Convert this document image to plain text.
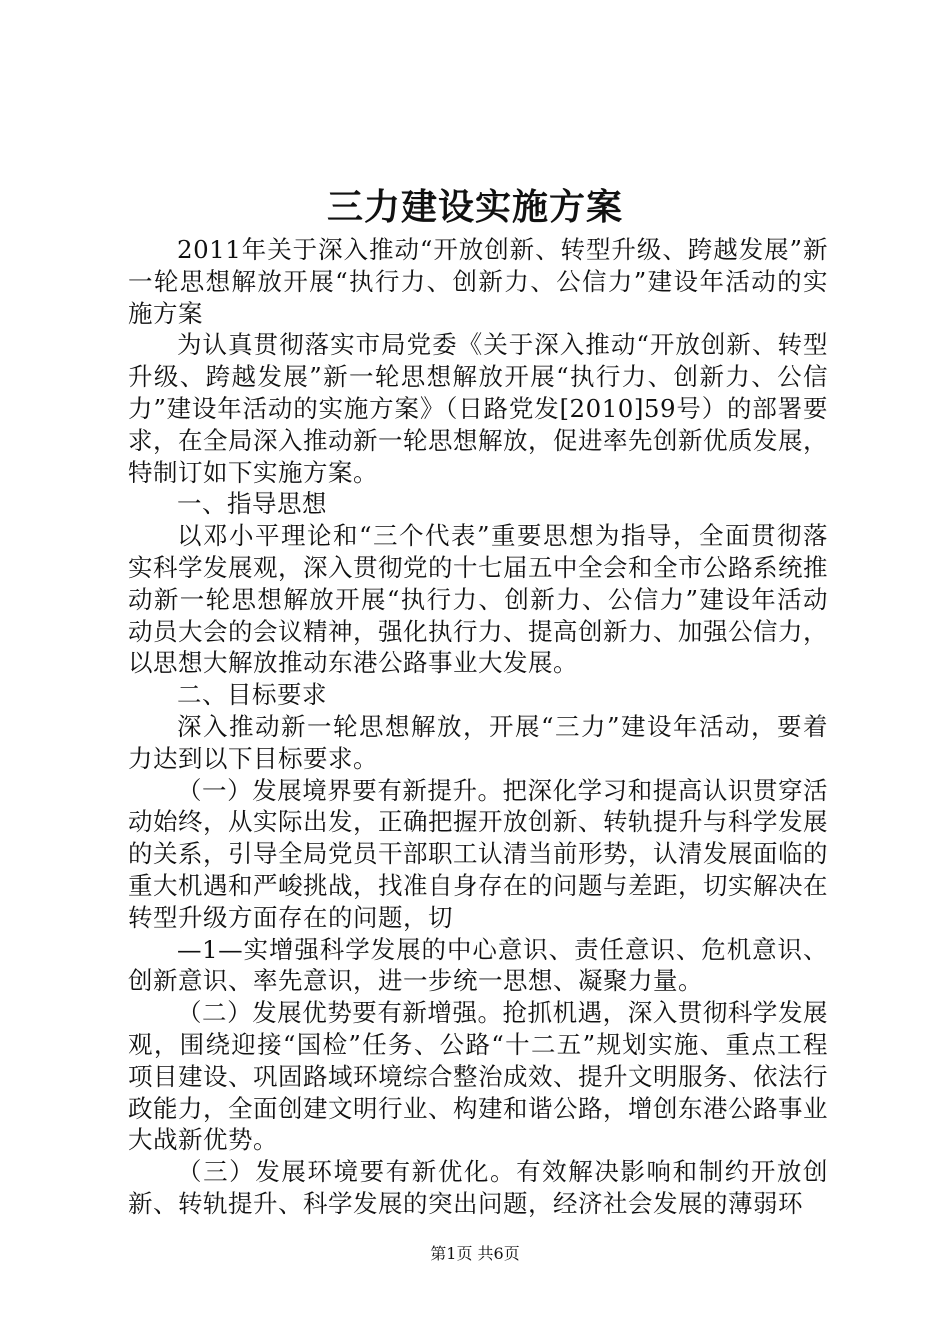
三力建设实施方案

2011年关于深入推动“开放创新、转型升级、跨越发展”新一轮思想解放开展“执行力、创新力、公信力”建设年活动的实施方案

为认真贯彻落实市局党委《关于深入推动“开放创新、转型升级、跨越发展”新一轮思想解放开展“执行力、创新力、公信力”建设年活动的实施方案》（日路党发[2010]59号）的部署要求，在全局深入推动新一轮思想解放，促进率先创新优质发展，特制订如下实施方案。

一、指导思想

以邓小平理论和“三个代表”重要思想为指导，全面贯彻落实科学发展观，深入贯彻党的十七届五中全会和全市公路系统推动新一轮思想解放开展“执行力、创新力、公信力”建设年活动动员大会的会议精神，强化执行力、提高创新力、加强公信力，以思想大解放推动东港公路事业大发展。

二、目标要求

深入推动新一轮思想解放，开展“三力”建设年活动，要着力达到以下目标要求。

（一）发展境界要有新提升。把深化学习和提高认识贯穿活动始终，从实际出发，正确把握开放创新、转轨提升与科学发展的关系，引导全局党员干部职工认清当前形势，认清发展面临的重大机遇和严峻挑战，找准自身存在的问题与差距，切实解决在转型升级方面存在的问题，切

—1—实增强科学发展的中心意识、责任意识、危机意识、创新意识、率先意识，进一步统一思想、凝聚力量。

（二）发展优势要有新增强。抢抓机遇，深入贯彻科学发展观，围绕迎接“国检”任务、公路“十二五”规划实施、重点工程项目建设、巩固路域环境综合整治成效、提升文明服务、依法行政能力，全面创建文明行业、构建和谐公路，增创东港公路事业大战新优势。

（三）发展环境要有新优化。有效解决影响和制约开放创新、转轨提升、科学发展的突出问题，经济社会发展的薄弱环

第1页 共6页
